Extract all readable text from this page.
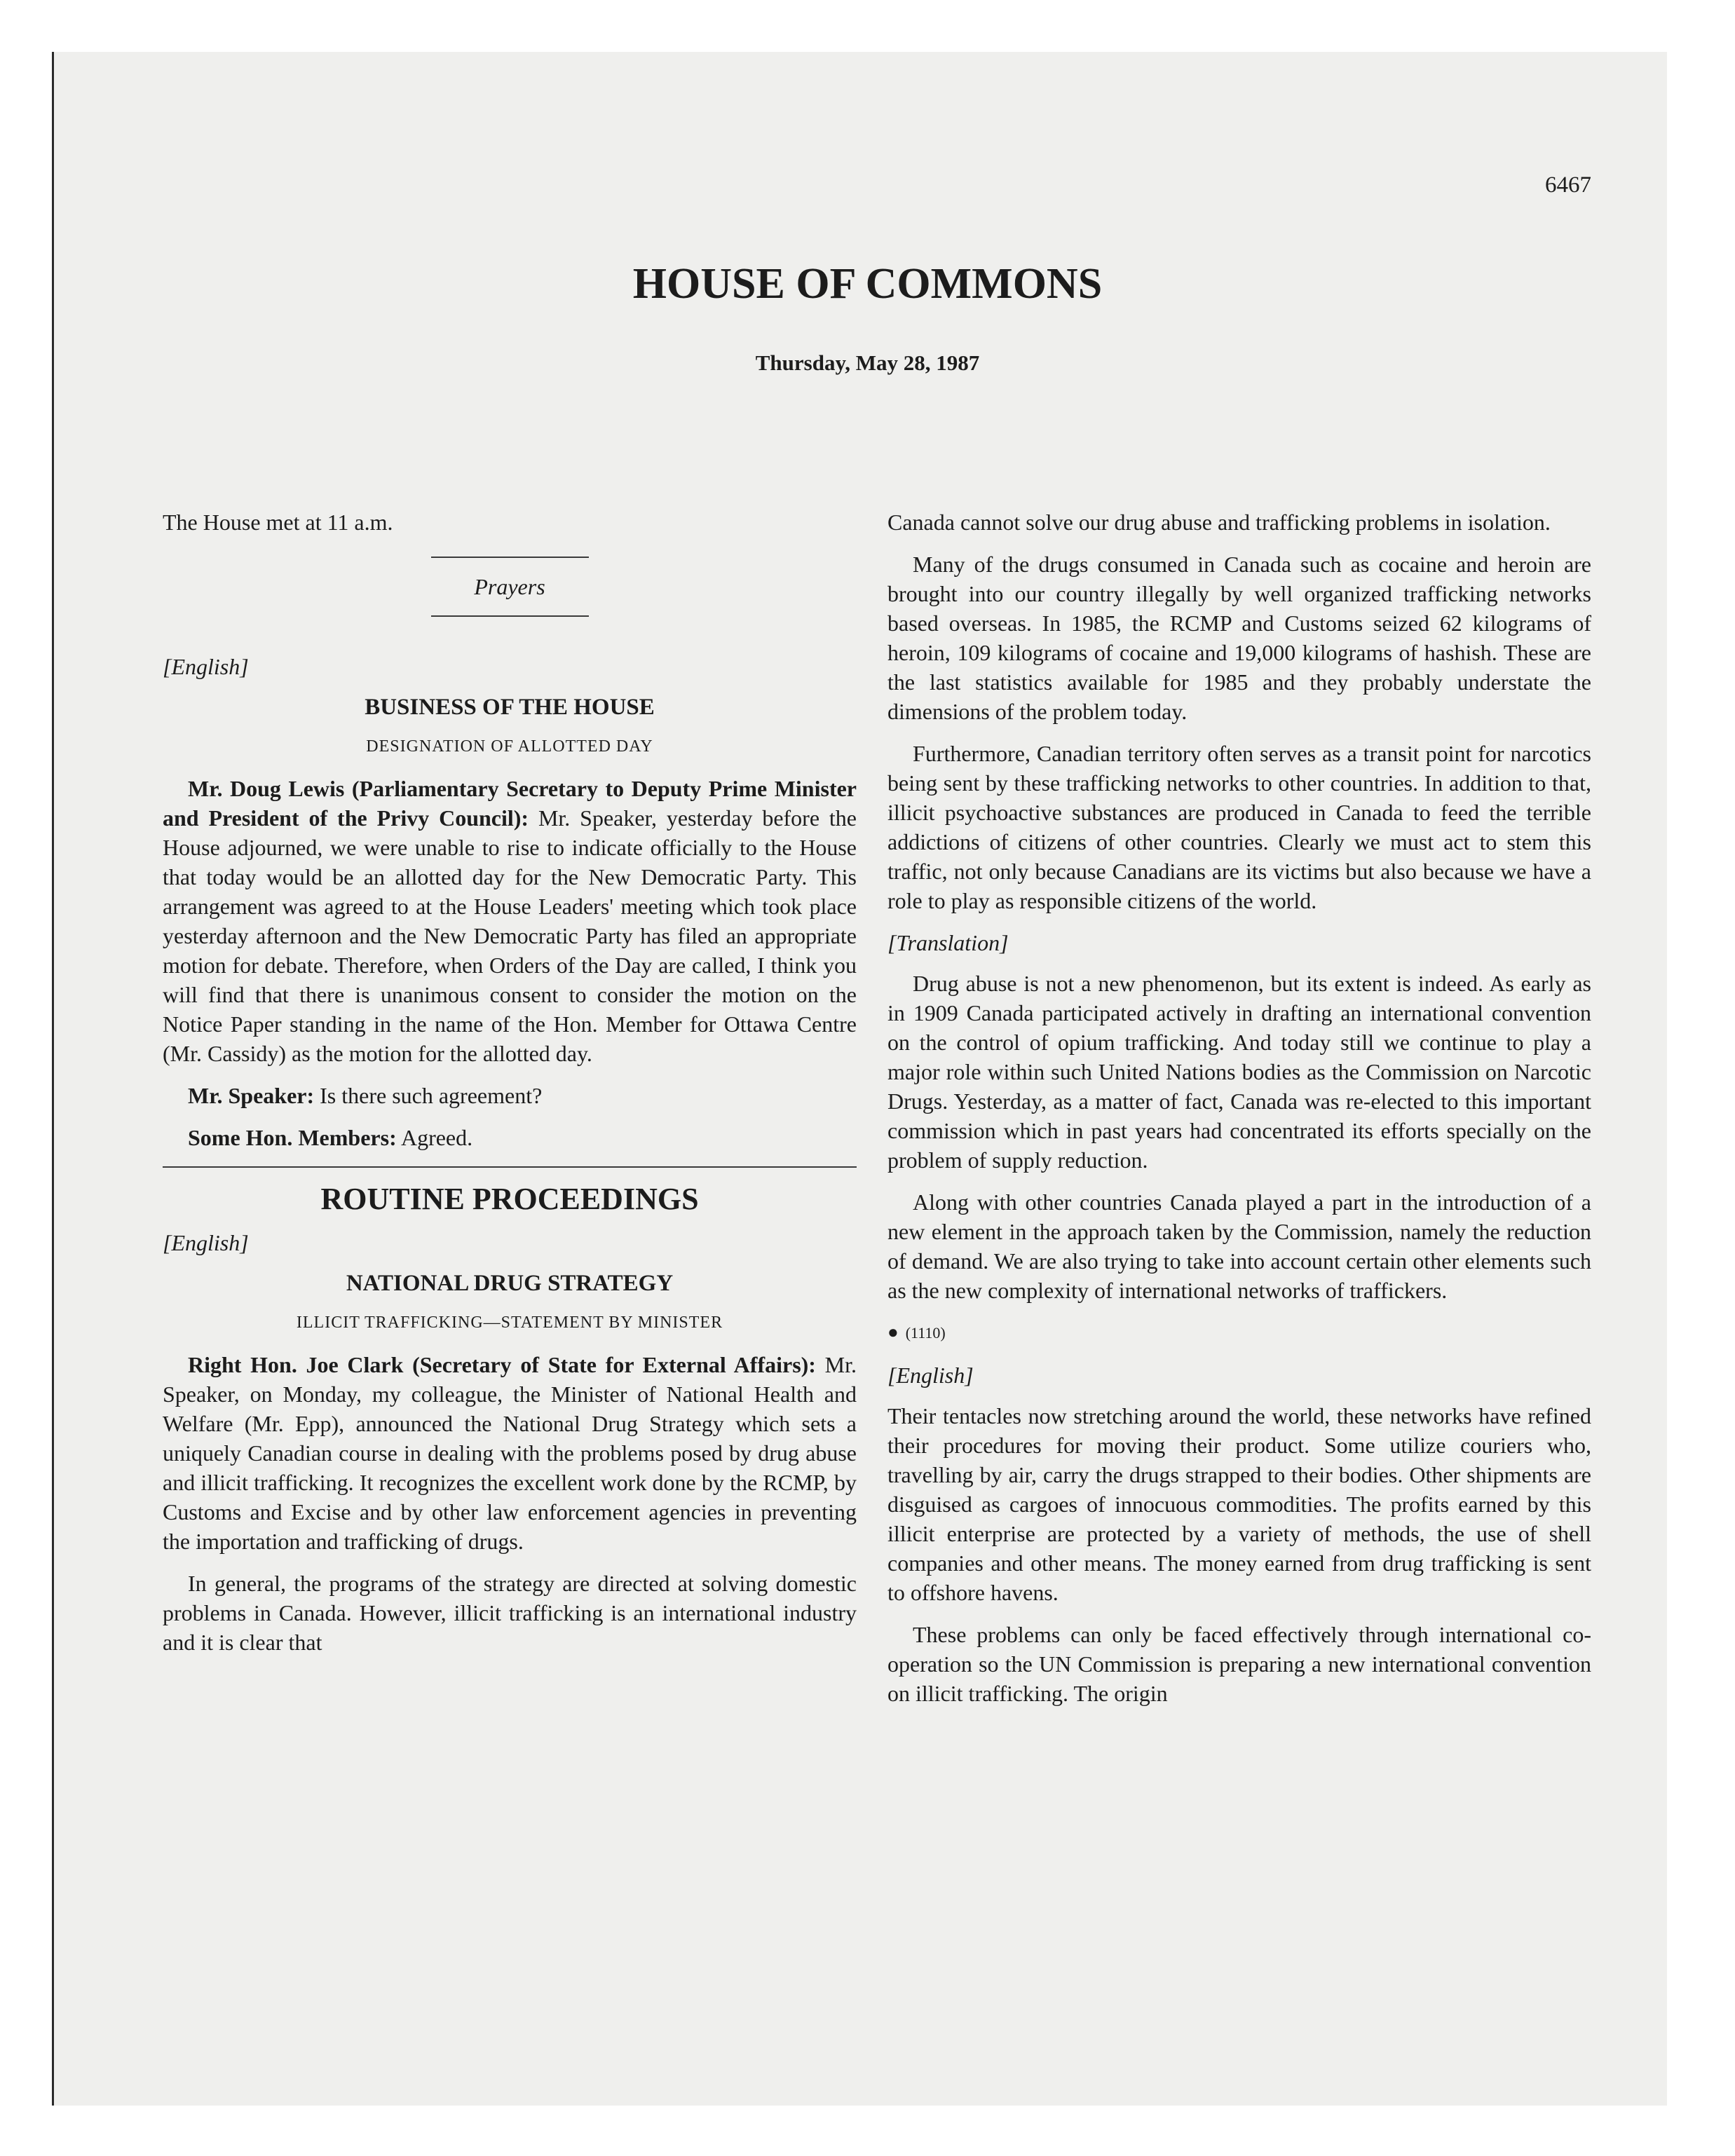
6467
HOUSE OF COMMONS
Thursday, May 28, 1987

The House met at 11 a.m.

Prayers
[English]
BUSINESS OF THE HOUSE
DESIGNATION OF ALLOTTED DAY

Mr. Doug Lewis (Parliamentary Secretary to Deputy Prime Minister and President of the Privy Council): Mr. Speaker, yesterday before the House adjourned, we were unable to rise to indicate officially to the House that today would be an allotted day for the New Democratic Party. This arrangement was agreed to at the House Leaders' meeting which took place yesterday afternoon and the New Democratic Party has filed an appropriate motion for debate. Therefore, when Orders of the Day are called, I think you will find that there is unanimous consent to consider the motion on the Notice Paper standing in the name of the Hon. Member for Ottawa Centre (Mr. Cassidy) as the motion for the allotted day.

Mr. Speaker: Is there such agreement?

Some Hon. Members: Agreed.

ROUTINE PROCEEDINGS
[English]
NATIONAL DRUG STRATEGY
ILLICIT TRAFFICKING—STATEMENT BY MINISTER

Right Hon. Joe Clark (Secretary of State for External Affairs): Mr. Speaker, on Monday, my colleague, the Minister of National Health and Welfare (Mr. Epp), announced the National Drug Strategy which sets a uniquely Canadian course in dealing with the problems posed by drug abuse and illicit trafficking. It recognizes the excellent work done by the RCMP, by Customs and Excise and by other law enforcement agencies in preventing the importation and trafficking of drugs.

In general, the programs of the strategy are directed at solving domestic problems in Canada. However, illicit trafficking is an international industry and it is clear that

Canada cannot solve our drug abuse and trafficking problems in isolation.

Many of the drugs consumed in Canada such as cocaine and heroin are brought into our country illegally by well organized trafficking networks based overseas. In 1985, the RCMP and Customs seized 62 kilograms of heroin, 109 kilograms of cocaine and 19,000 kilograms of hashish. These are the last statistics available for 1985 and they probably understate the dimensions of the problem today.

Furthermore, Canadian territory often serves as a transit point for narcotics being sent by these trafficking networks to other countries. In addition to that, illicit psychoactive substances are produced in Canada to feed the terrible addictions of citizens of other countries. Clearly we must act to stem this traffic, not only because Canadians are its victims but also because we have a role to play as responsible citizens of the world.

[Translation]

Drug abuse is not a new phenomenon, but its extent is indeed. As early as in 1909 Canada participated actively in drafting an international convention on the control of opium trafficking. And today still we continue to play a major role within such United Nations bodies as the Commission on Narcotic Drugs. Yesterday, as a matter of fact, Canada was re-elected to this important commission which in past years had concentrated its efforts specially on the problem of supply reduction.

Along with other countries Canada played a part in the introduction of a new element in the approach taken by the Commission, namely the reduction of demand. We are also trying to take into account certain other elements such as the new complexity of international networks of traffickers.

● (1110)
[English]

Their tentacles now stretching around the world, these networks have refined their procedures for moving their product. Some utilize couriers who, travelling by air, carry the drugs strapped to their bodies. Other shipments are disguised as cargoes of innocuous commodities. The profits earned by this illicit enterprise are protected by a variety of methods, the use of shell companies and other means. The money earned from drug trafficking is sent to offshore havens.

These problems can only be faced effectively through international co-operation so the UN Commission is preparing a new international convention on illicit trafficking. The origin
